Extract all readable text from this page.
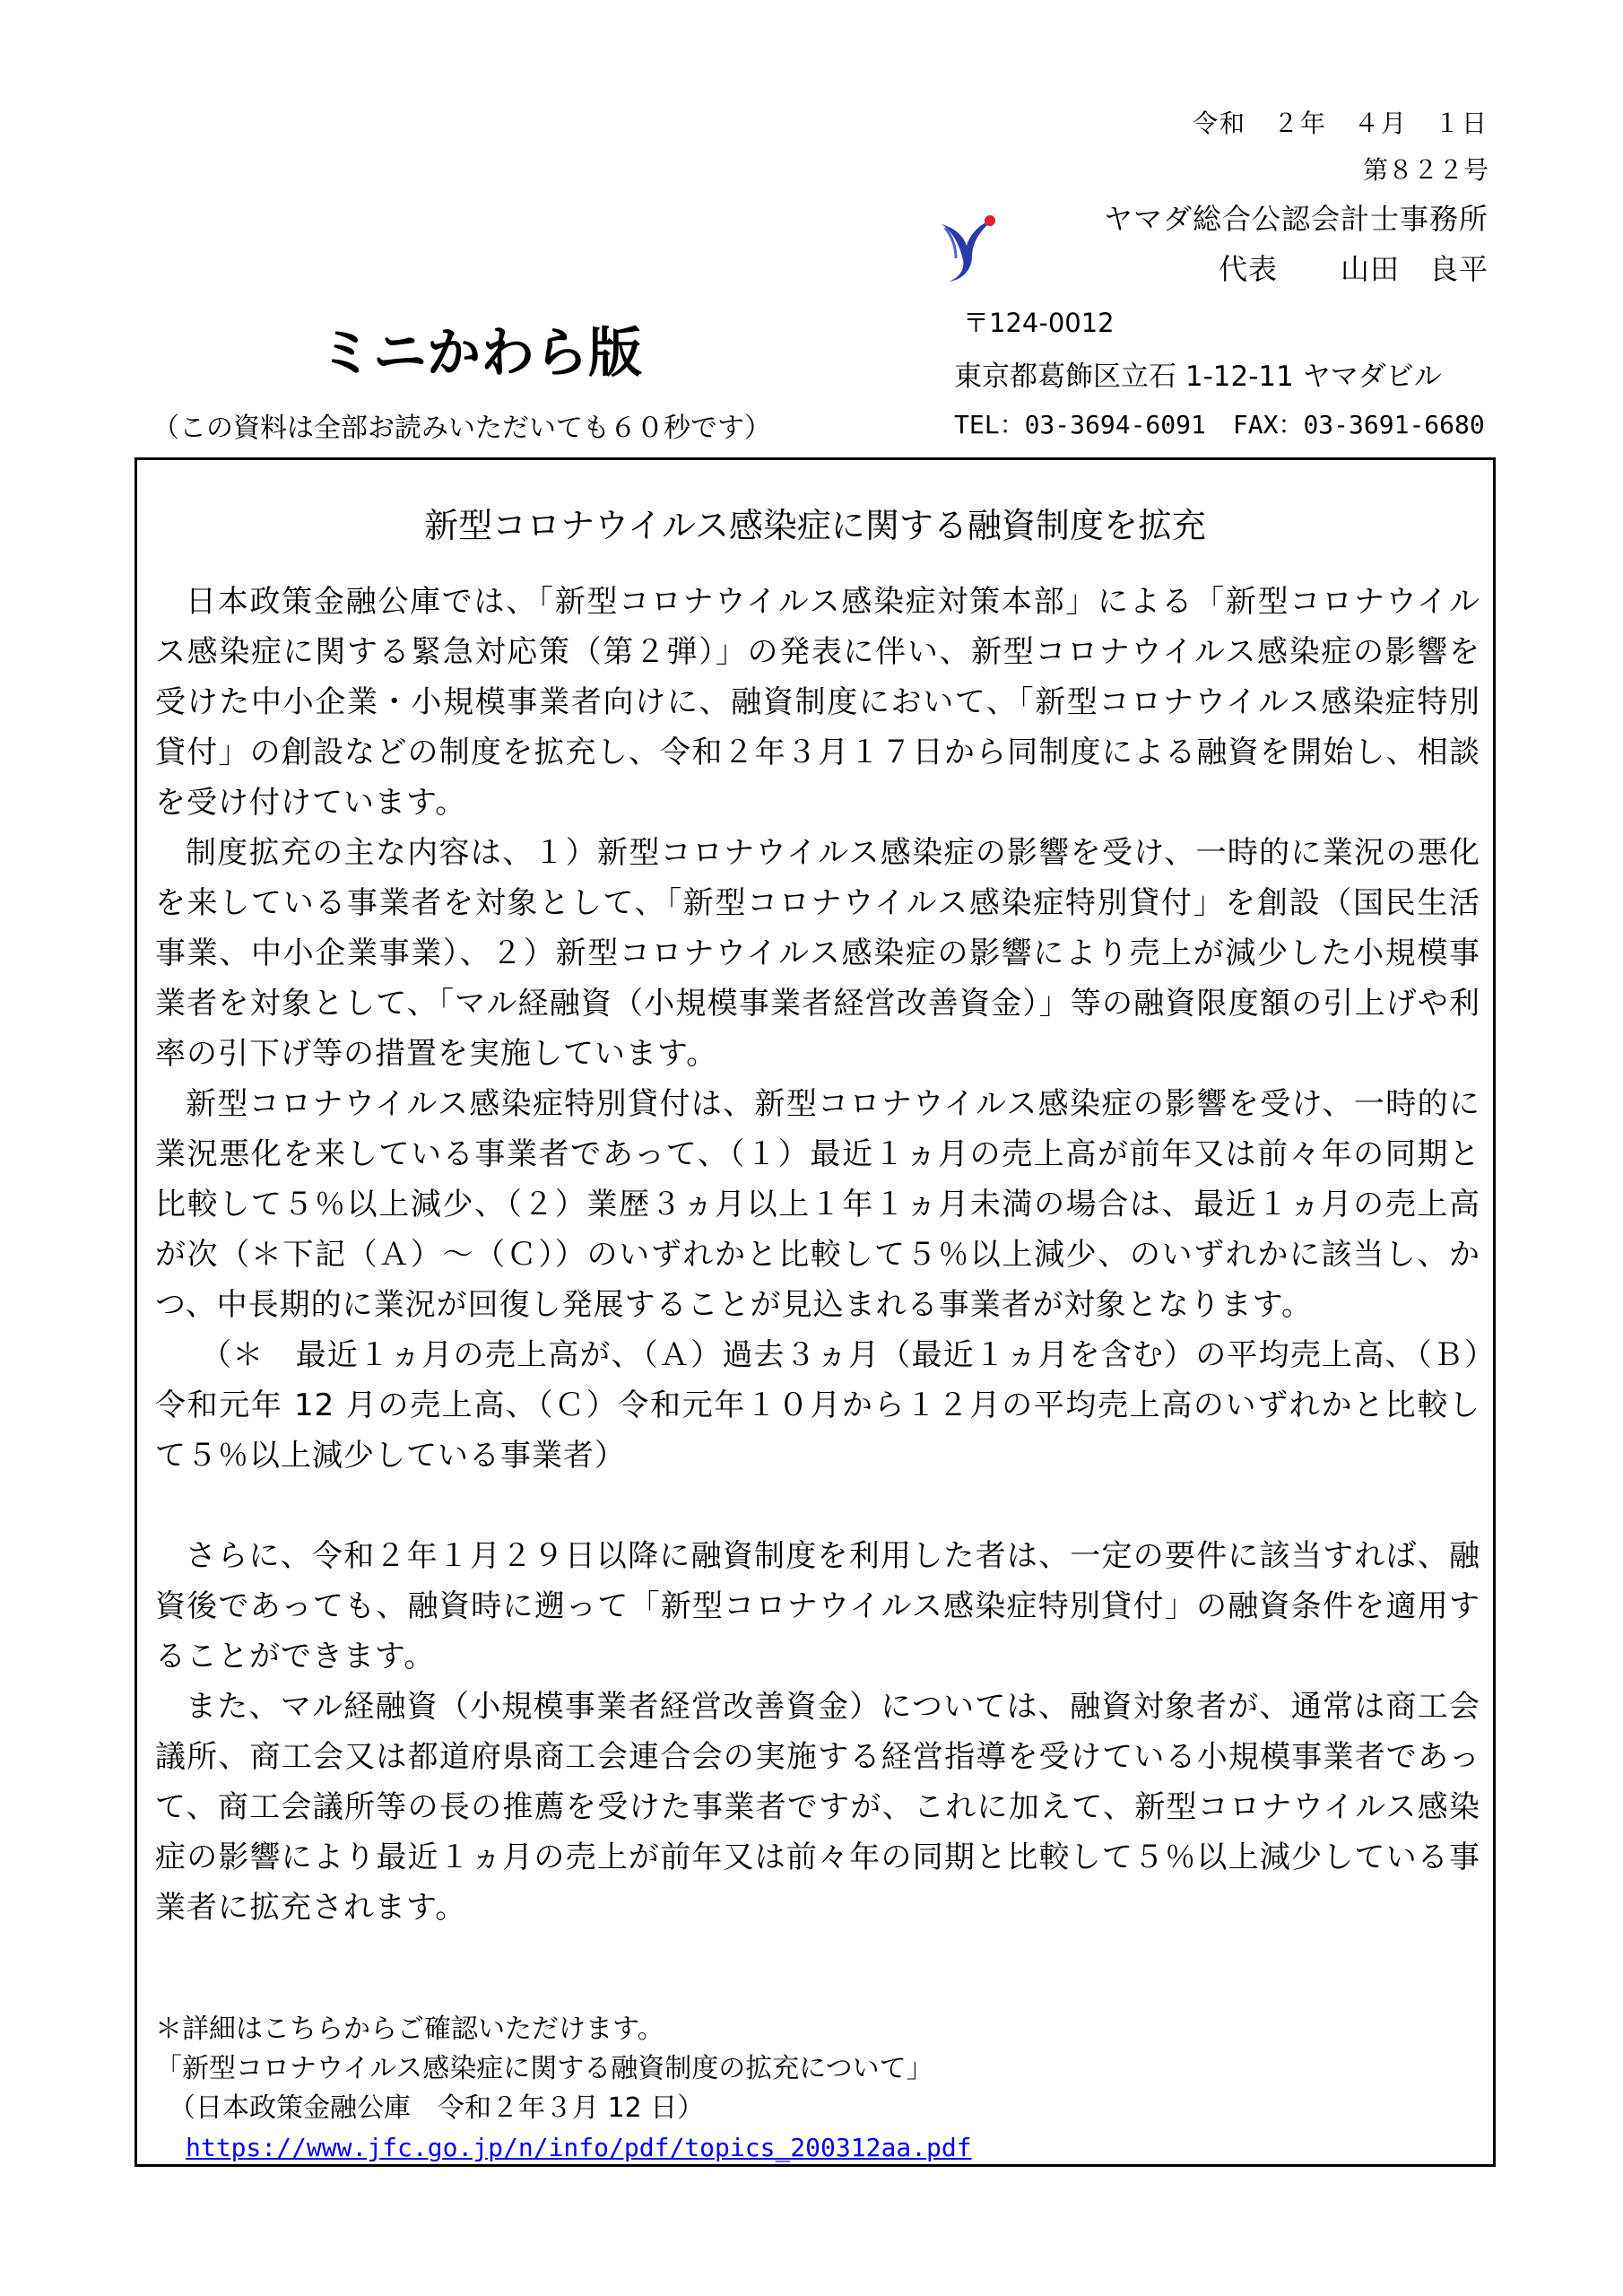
令和　２年　４月　１日
第８２２号
ヤマダ総合公認会計士事務所
代表 山田　良平
〒124-0012
東京都葛飾区立石 1-12-11 ヤマダビル
TEL：03-3694-6091 FAX：03-3691-6680
ミニかわら版
（この資料は全部お読みいただいても６０秒です）
新型コロナウイルス感染症に関する融資制度を拡充

日本政策金融公庫では、「新型コロナウイルス感染症対策本部」による「新型コロナウイルス感染症に関する緊急対応策（第２弾）」の発表に伴い、新型コロナウイルス感染症の影響を受けた中小企業・小規模事業者向けに、融資制度において、「新型コロナウイルス感染症特別貸付」の創設などの制度を拡充し、令和２年３月１７日から同制度による融資を開始し、相談を受け付けています。

制度拡充の主な内容は、１）新型コロナウイルス感染症の影響を受け、一時的に業況の悪化を来している事業者を対象として、「新型コロナウイルス感染症特別貸付」を創設（国民生活事業、中小企業事業）、２）新型コロナウイルス感染症の影響により売上が減少した小規模事業者を対象として、「マル経融資（小規模事業者経営改善資金）」等の融資限度額の引上げや利率の引下げ等の措置を実施しています。

新型コロナウイルス感染症特別貸付は、新型コロナウイルス感染症の影響を受け、一時的に業況悪化を来している事業者であって、（１）最近１ヵ月の売上高が前年又は前々年の同期と比較して５％以上減少、（２）業歴３ヵ月以上１年１ヵ月未満の場合は、最近１ヵ月の売上高が次（＊下記（Ａ）～（Ｃ））のいずれかと比較して５％以上減少、のいずれかに該当し、かつ、中長期的に業況が回復し発展することが見込まれる事業者が対象となります。

（＊　最近１ヵ月の売上高が、（Ａ）過去３ヵ月（最近１ヵ月を含む）の平均売上高、（Ｂ）令和元年 12 月の売上高、（Ｃ）令和元年１０月から１２月の平均売上高のいずれかと比較して５％以上減少している事業者）

さらに、令和２年１月２９日以降に融資制度を利用した者は、一定の要件に該当すれば、融資後であっても、融資時に遡って「新型コロナウイルス感染症特別貸付」の融資条件を適用することができます。

また、マル経融資（小規模事業者経営改善資金）については、融資対象者が、通常は商工会議所、商工会又は都道府県商工会連合会の実施する経営指導を受けている小規模事業者であって、商工会議所等の長の推薦を受けた事業者ですが、これに加えて、新型コロナウイルス感染症の影響により最近１ヵ月の売上が前年又は前々年の同期と比較して５％以上減少している事業者に拡充されます。

＊詳細はこちらからご確認いただけます。
「新型コロナウイルス感染症に関する融資制度の拡充について」
（日本政策金融公庫　令和２年３月 12 日）
https://www.jfc.go.jp/n/info/pdf/topics_200312aa.pdf
